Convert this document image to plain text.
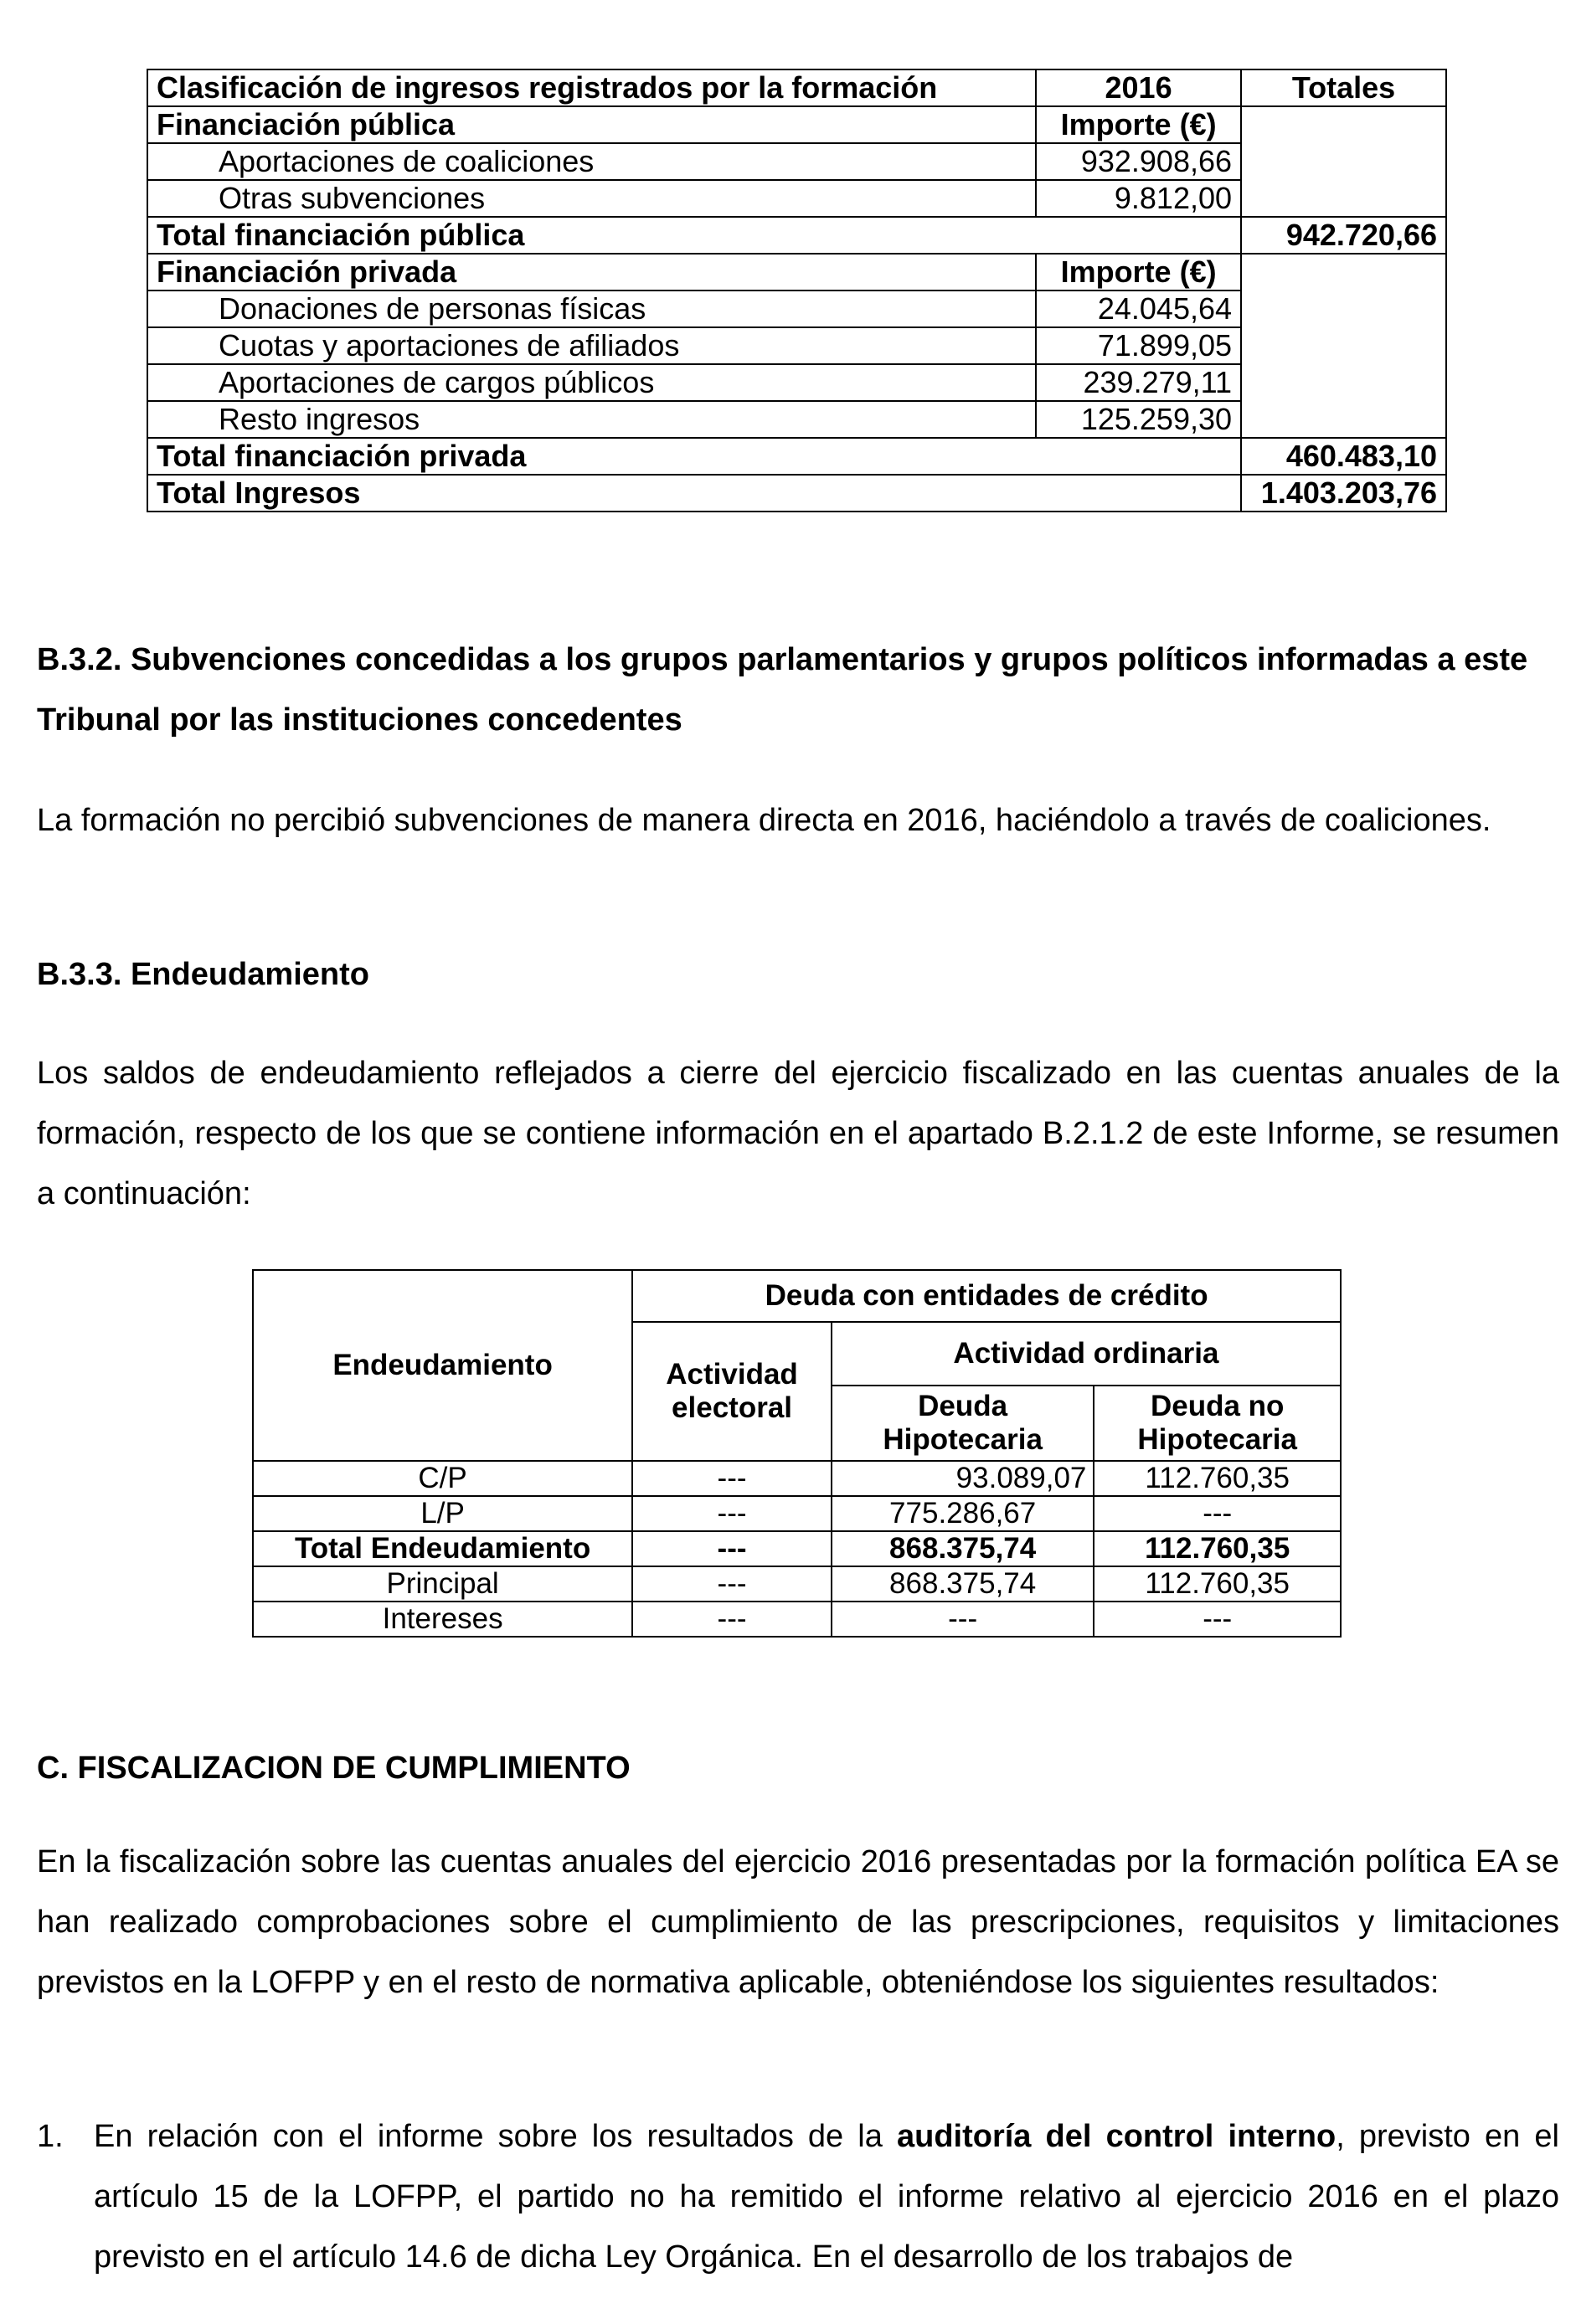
Clasificación de ingresos registrados por la formación	2016	Totales
Financiación pública	Importe (€)	
Aportaciones de coaliciones	932.908,66	
Otras subvenciones	9.812,00	
Total financiación pública		942.720,66
Financiación privada	Importe (€)	
Donaciones de personas físicas	24.045,64	
Cuotas y aportaciones de afiliados	71.899,05	
Aportaciones de cargos públicos	239.279,11	
Resto ingresos	125.259,30	
Total financiación privada		460.483,10
Total Ingresos		1.403.203,76

B.3.2. Subvenciones concedidas a los grupos parlamentarios y grupos políticos informadas a este Tribunal por las instituciones concedentes

La formación no percibió subvenciones de manera directa en 2016, haciéndolo a través de coaliciones.

B.3.3. Endeudamiento

Los saldos de endeudamiento reflejados a cierre del ejercicio fiscalizado en las cuentas anuales de la formación, respecto de los que se contiene información en el apartado B.2.1.2 de este Informe, se resumen a continuación:

Endeudamiento	Deuda con entidades de crédito		
	Actividad electoral	Actividad ordinaria	
		Deuda Hipotecaria	Deuda no Hipotecaria
C/P	---	93.089,07	112.760,35
L/P	---	775.286,67	---
Total Endeudamiento	---	868.375,74	112.760,35
Principal	---	868.375,74	112.760,35
Intereses	---	---	---

C. FISCALIZACION DE CUMPLIMIENTO

En la fiscalización sobre las cuentas anuales del ejercicio 2016 presentadas por la formación política EA se han realizado comprobaciones sobre el cumplimiento de las prescripciones, requisitos y limitaciones previstos en la LOFPP y en el resto de normativa aplicable, obteniéndose los siguientes resultados:

1. En relación con el informe sobre los resultados de la auditoría del control interno, previsto en el artículo 15 de la LOFPP, el partido no ha remitido el informe relativo al ejercicio 2016 en el plazo previsto en el artículo 14.6 de dicha Ley Orgánica. En el desarrollo de los trabajos de
